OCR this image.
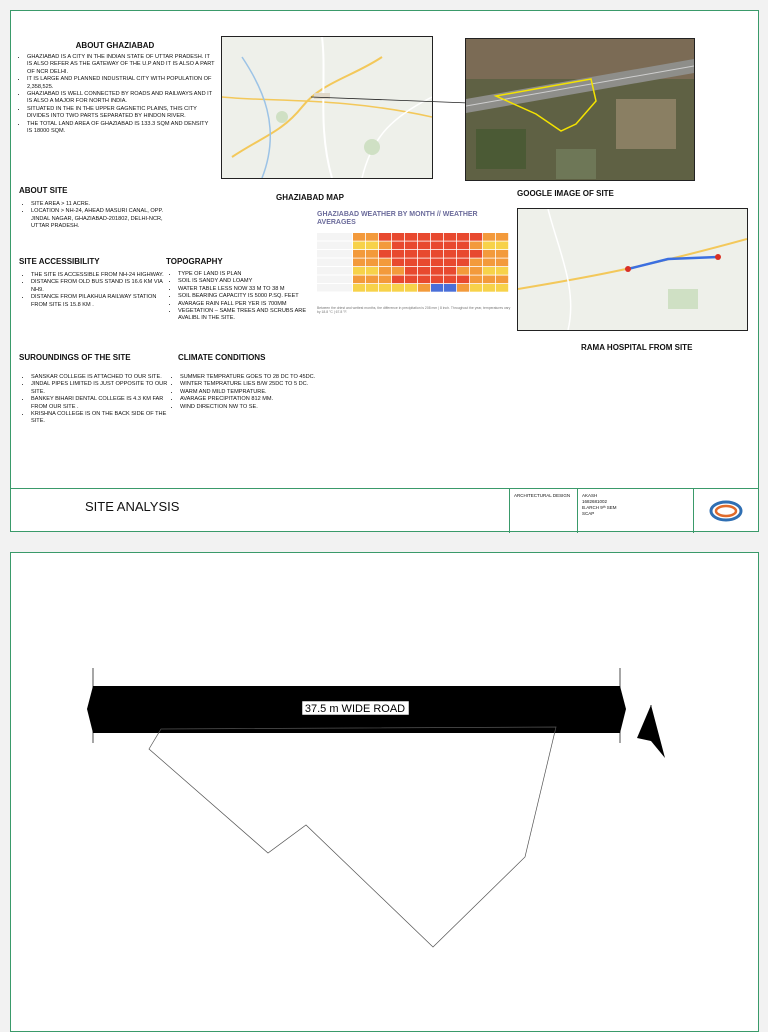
ABOUT GHAZIABAD
• GHAZIABAD IS A CITY IN THE INDIAN STATE OF UTTAR PRADESH. IT IS ALSO REFER AS THE GATEWAY OF THE U.P AND IT IS ALSO A PART OF NCR DELHI.
• IT IS LARGE AND PLANNED INDUSTRIAL CITY WITH POPULATION OF 2,358,525.
• GHAZIABAD IS WELL CONNECTED BY ROADS AND RAILWAYS AND IT IS ALSO A MAJOR FOR NORTH INDIA.
• SITUATED IN THE IN THE UPPER GAGNETIC PLAINS, THIS CITY DIVIDES INTO TWO PARTS SEPARATED BY HINDON RIVER.
• THE TOTAL LAND AREA OF GHAZIABAD IS 133.3 SQM AND DENSITY IS 18000 SQM.
GHAZIABAD MAP	GOOGLE IMAGE OF SITE
ABOUT SITE
• SITE AREA > 11 ACRE.
• LOCATION > NH-24, AHEAD MASURI CANAL, OPP. JINDAL NAGAR, GHAZIABAD-201802, DELHI-NCR, UTTAR PRADESH.
GHAZIABAD WEATHER BY MONTH // WEATHER AVERAGES
Between the driest and wettest months, the difference in precipitation is 208 mm | 8 inch. Throughout the year, temperatures vary by 18.8 °C | 67.8 °F.
RAMA HOSPITAL FROM SITE
SITE ACCESSIBILITY
• THE SITE IS ACCESSIBLE FROM NH-24 HIGHWAY.
• DISTANCE FROM OLD BUS STAND IS 16.6 KM VIA NH9.
• DISTANCE FROM PILAKHUA RAILWAY STATION FROM SITE IS 15.8 KM .
TOPOGRAPHY
• TYPE OF LAND IS PLAN
• SOIL IS SANDY AND LOAMY
• WATER TABLE LESS NOW 33 M TO 38 M
• SOIL BEARING CAPACITY IS 5000 P.SQ. FEET
• AVARAGE RAIN FALL PER YER IS 700MM
• VEGETATION – SAME TREES AND SCRUBS ARE AVALIBL IN THE SITE.
SUROUNDINGS OF THE SITE
• SANSKAR COLLEGE IS ATTACHED TO OUR SITE.
• JINDAL PIPES LIMITED IS JUST OPPOSITE TO OUR SITE.
• BANKEY BIHARI DENTAL COLLEGE IS 4.3 KM FAR FROM OUR SITE .
• KRISHNA COLLEGE IS ON THE BACK SIDE OF THE SITE.
CLIMATE CONDITIONS
• SUMMER TEMPRATURE GOES TO 28 DC TO 45DC.
• WINTER TEMPRATURE LIES B/W 25DC TO 5 DC.
• WARM AND MILD TEMPRATURE.
• AVARAGE PRECIPITATION 812 MM.
• WIND DIRECTION NW TO SE.
SITE ANALYSIS
ARCHITECTURAL DESIGN	AKASH
1682681002
B.ARCH 9ᵗʰ SEM
SCAP
37.5 m WIDE ROAD
